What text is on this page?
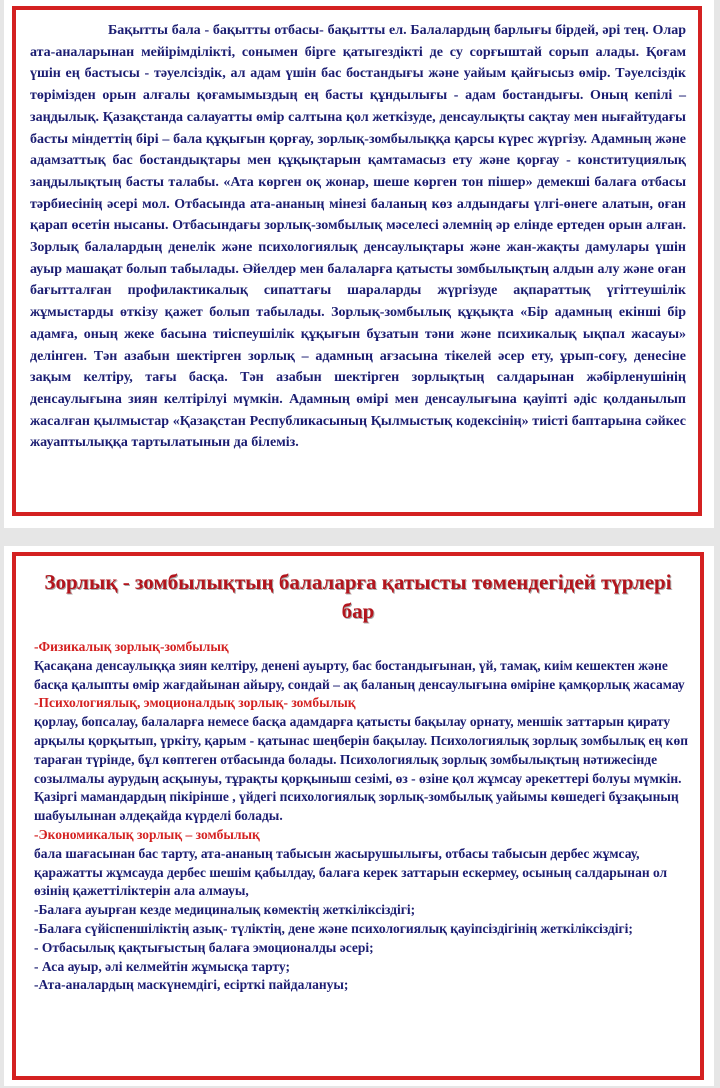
Бақытты бала - бақытты отбасы- бақытты ел. Балалардың барлығы бірдей, әрі тең. Олар ата-аналарынан мейірімділікті, сонымен бірге қатыгездікті де су сорғыштай сорып алады. Қоғам үшін ең бастысы - тәуелсіздік, ал адам үшін бас бостандығы және уайым қайғысыз өмір. Тәуелсіздік төрімізден орын алғалы қоғамымыздың ең басты құндылығы - адам бостандығы. Оның кепілі – заңдылық. Қазақстанда салауатты өмір салтына қол жеткізуде, денсаулықты сақтау мен нығайтудағы басты міндеттің бірі – бала құқығын қорғау, зорлық-зомбылыққа қарсы күрес жүргізу. Адамның және адамзаттық бас бостандықтары мен құқықтарын қамтамасыз ету және қорғау - конституциялық заңдылықтың басты талабы. «Ата көрген оқ жонар, шеше көрген тон пішер» демекші балаға отбасы тәрбиесінің әсері мол. Отбасында ата-ананың мінезі баланың көз алдындағы үлгі-өнеге алатын, оған қарап өсетін нысаны. Отбасындағы зорлық-зомбылық мәселесі әлемнің әр елінде ертеден орын алған. Зорлық балалардың денелік және психологиялық денсаулықтары және жан-жақты дамулары үшін ауыр машақат болып табылады. Әйелдер мен балаларға қатысты зомбылықтың алдын алу және оған бағытталған профилактикалық сипаттағы шараларды жүргізуде ақпараттық үгіттеушілік жұмыстарды өткізу қажет болып табылады. Зорлық-зомбылық құқықта «Бір адамның екінші бір адамға, оның жеке басына тиіспеушілік құқығын бұзатын тәни және психикалық ықпал жасауы» делінген. Тән азабын шектірген зорлық – адамның ағзасына тікелей әсер ету, ұрып-соғу, денесіне зақым келтіру, тағы басқа. Тән азабын шектірген зорлықтың салдарынан жәбірленушінің денсаулығына зиян келтірілуі мүмкін. Адамның өмірі мен денсаулығына қауіпті әдіс қолданылып жасалған қылмыстар «Қазақстан Республикасының Қылмыстық кодексінің» тиісті баптарына сәйкес жауаптылыққа тартылатынын да білеміз.

Зорлық - зомбылықтың балаларға қатысты төмендегідей түрлері бар
-Физикалық зорлық-зомбылық
Қасақана денсаулыққа зиян келтіру, денені ауырту, бас бостандығынан, үй, тамақ, киім кешектен және басқа қалыпты өмір жағдайынан айыру, сондай – ақ баланың денсаулығына өміріне қамқорлық жасамау
-Психологиялық, эмоционалдық зорлық- зомбылық
қорлау, бопсалау, балаларға немесе басқа адамдарға қатысты бақылау орнату, меншік заттарын қирату арқылы қорқытып, үркіту, қарым - қатынас шеңберін бақылау. Психологиялық зорлық зомбылық ең көп тараған түрінде, бұл көптеген отбасында болады. Психологиялық зорлық зомбылықтың нәтижесінде созылмалы аурудың асқынуы, тұрақты қорқыныш сезімі, өз - өзіне қол жұмсау әрекеттері болуы мүмкін. Қазіргі мамандардың пікірінше , үйдегі психологиялық зорлық-зомбылық уайымы көшедегі бұзақының шабуылынан әлдеқайда күрделі болады.
-Экономикалық зорлық – зомбылық
бала шағасынан бас тарту, ата-ананың табысын жасырушылығы, отбасы табысын дербес жұмсау, қаражатты жұмсауда дербес шешім қабылдау, балаға керек заттарын ескермеу, осының салдарынан ол өзінің қажеттіліктерін ала алмауы,
-Балаға ауырған кезде медициналық көмектің жеткіліксіздігі;
-Балаға сүйіспеншіліктің азық- түліктің, дене және психологиялық қауіпсіздігінің жеткіліксіздігі;
- Отбасылық қақтығыстың балаға эмоционалды әсері;
- Аса ауыр, әлі келмейтін жұмысқа тарту;
-Ата-аналардың маскүнемдігі, есірткі пайдалануы;
